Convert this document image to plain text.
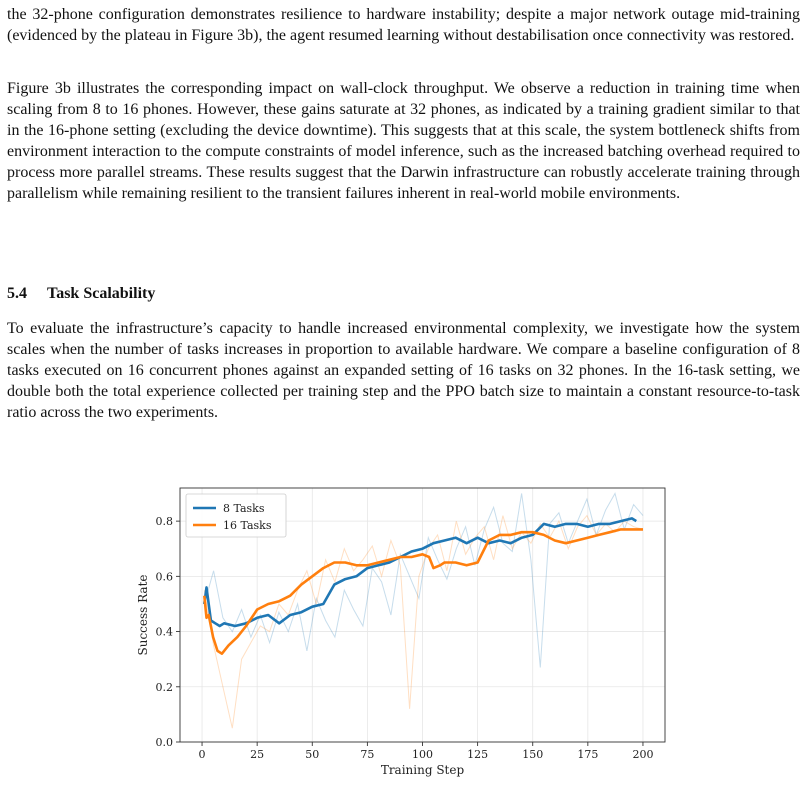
the 32-phone configuration demonstrates resilience to hardware instability; despite a major network outage mid-training (evidenced by the plateau in Figure 3b), the agent resumed learning without destabilisation once connectivity was restored.

Figure 3b illustrates the corresponding impact on wall-clock throughput. We observe a reduction in training time when scaling from 8 to 16 phones. However, these gains saturate at 32 phones, as indicated by a training gradient similar to that in the 16-phone setting (excluding the device downtime). This suggests that at this scale, the system bottleneck shifts from environment interaction to the compute constraints of model inference, such as the increased batching overhead required to process more parallel streams. These results suggest that the Darwin infrastructure can robustly accelerate training through parallelism while remaining resilient to the transient failures inherent in real-world mobile environments.

5.4 Task Scalability

To evaluate the infrastructure’s capacity to handle increased environmental complexity, we investigate how the system scales when the number of tasks increases in proportion to available hardware. We compare a baseline configuration of 8 tasks executed on 16 concurrent phones against an expanded setting of 16 tasks on 32 phones. In the 16-task setting, we double both the total experience collected per training step and the PPO batch size to maintain a constant resource-to-task ratio across the two experiments.

0	25	50	75	100	125	150	175	200
0.0
0.2
0.4
0.6
0.8
Training Step
Success Rate
8 Tasks
16 Tasks
